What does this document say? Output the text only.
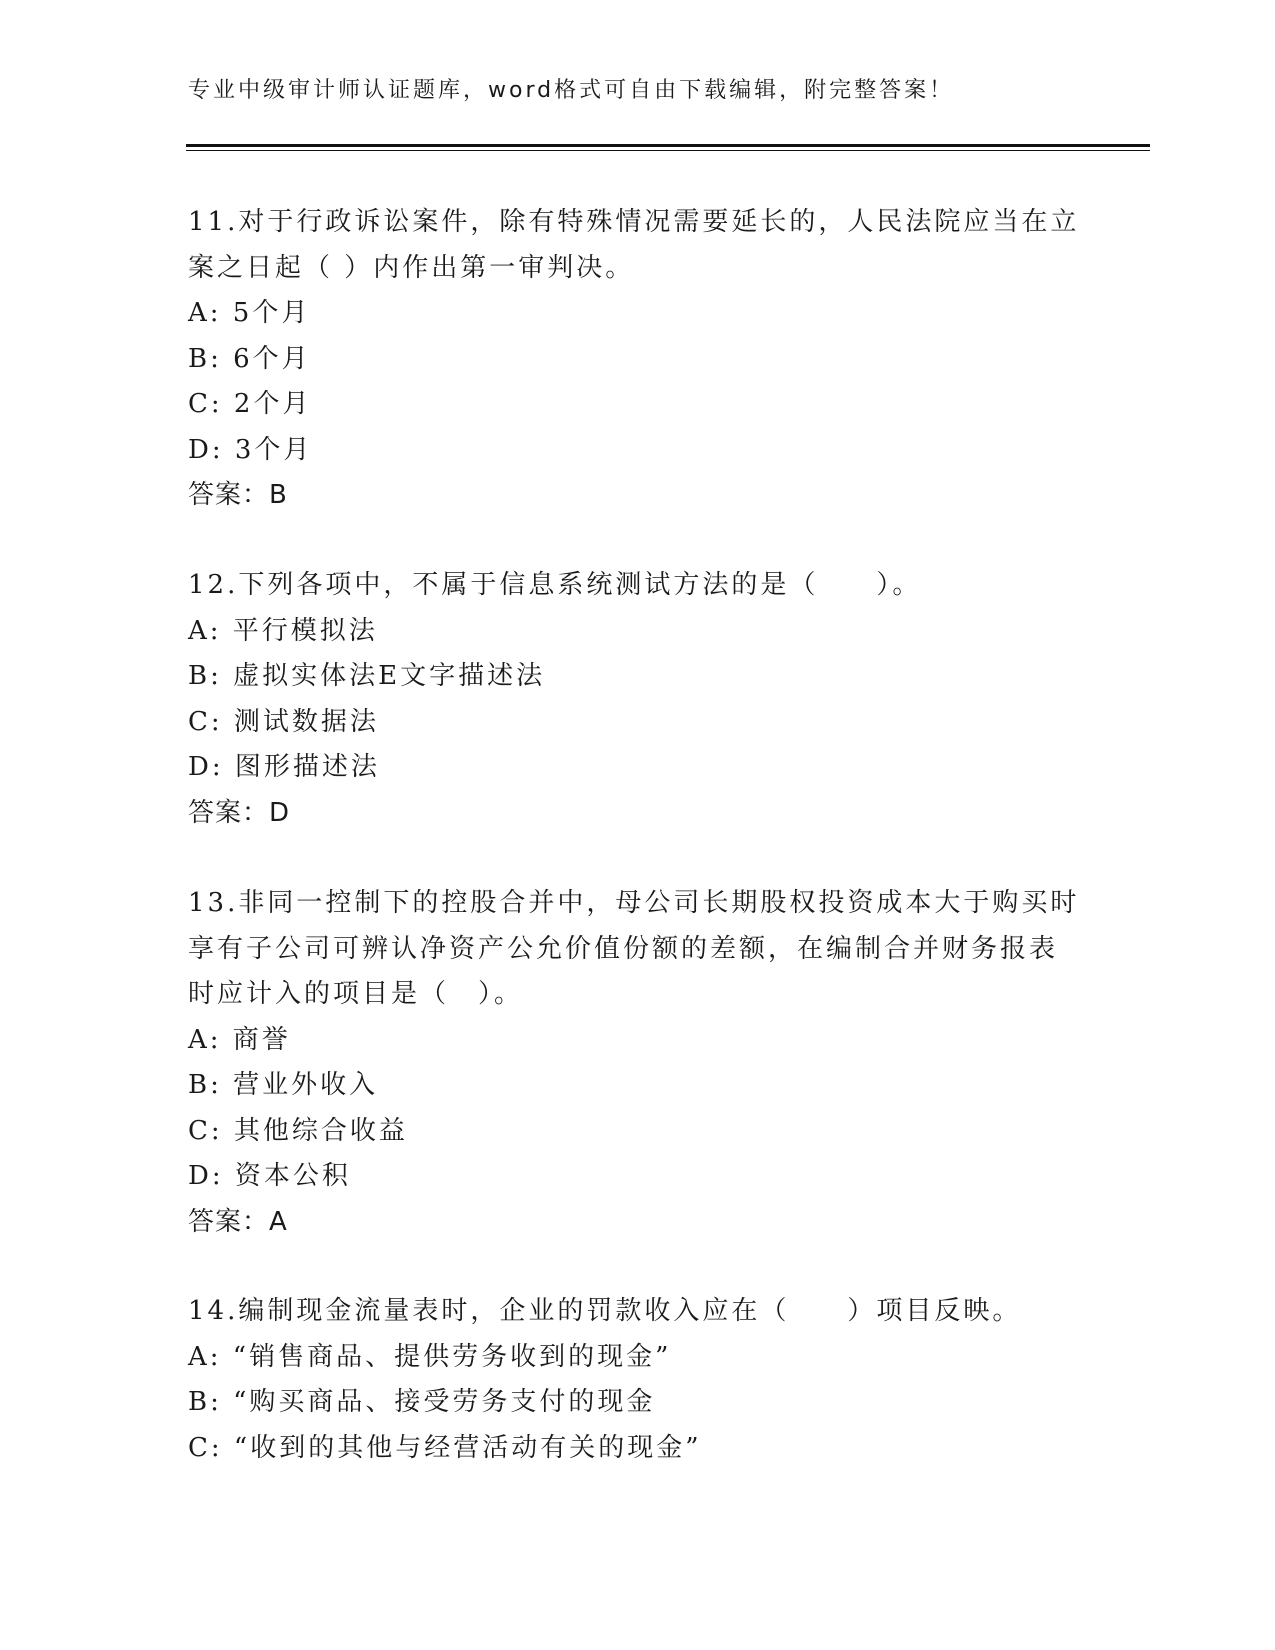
专业中级审计师认证题库，word格式可自由下载编辑，附完整答案！
11.对于行政诉讼案件，除有特殊情况需要延长的，人民法院应当在立
案之日起（ ）内作出第一审判决。
A: 5个月
B: 6个月
C: 2个月
D: 3个月
答案：B
12.下列各项中，不属于信息系统测试方法的是（　　）。
A: 平行模拟法
B: 虚拟实体法E文字描述法
C: 测试数据法
D: 图形描述法
答案：D
13.非同一控制下的控股合并中，母公司长期股权投资成本大于购买时
享有子公司可辨认净资产公允价值份额的差额，在编制合并财务报表
时应计入的项目是（　）。
A: 商誉
B: 营业外收入
C: 其他综合收益
D: 资本公积
答案：A
14.编制现金流量表时，企业的罚款收入应在（　　）项目反映。
A: “销售商品、提供劳务收到的现金”
B: “购买商品、接受劳务支付的现金
C: “收到的其他与经营活动有关的现金”
